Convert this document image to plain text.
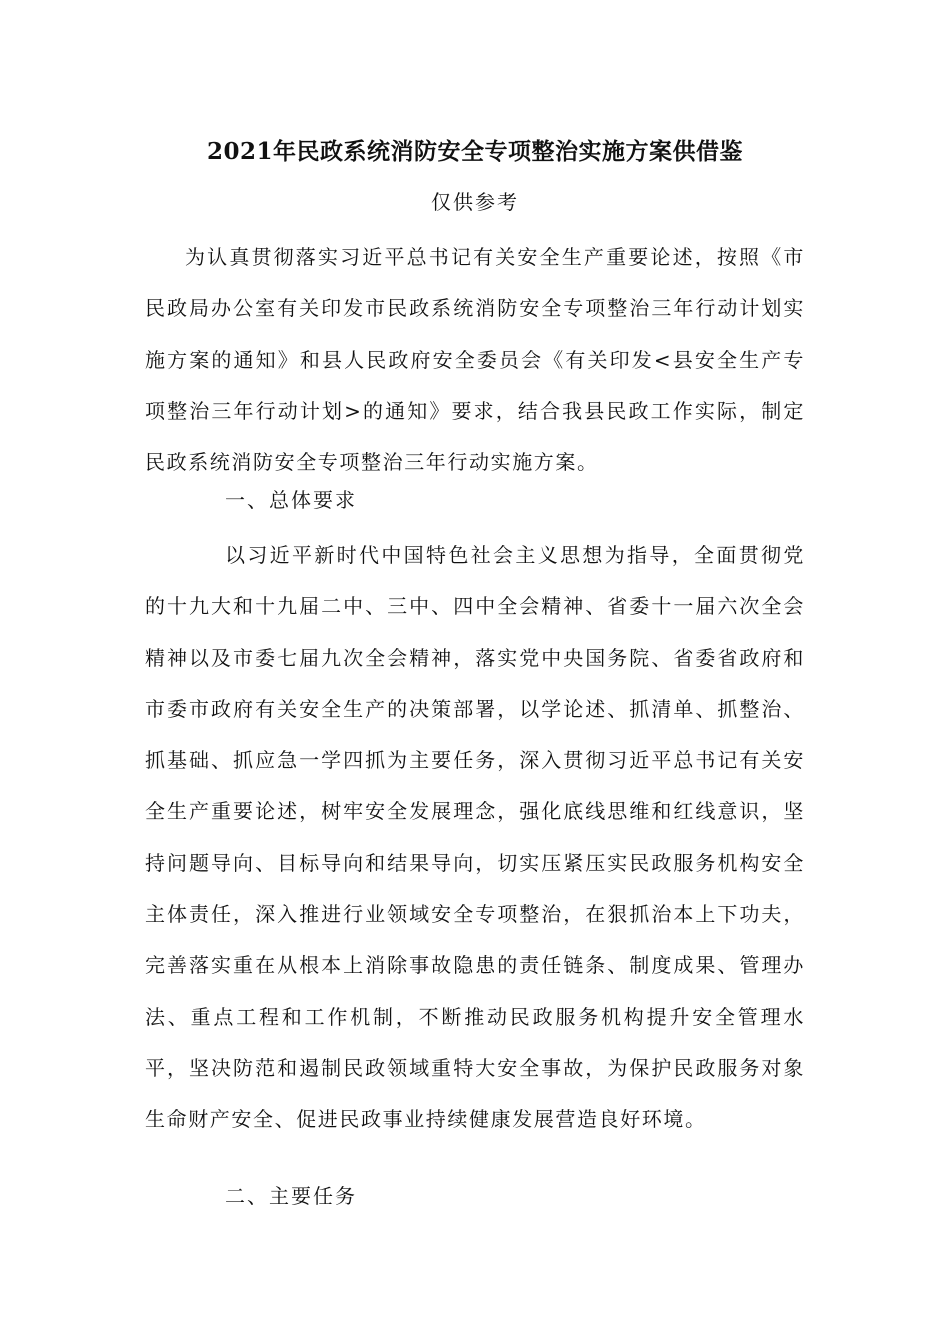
2021年民政系统消防安全专项整治实施方案供借鉴
仅供参考

为认真贯彻落实习近平总书记有关安全生产重要论述，按照《市民政局办公室有关印发市民政系统消防安全专项整治三年行动计划实施方案的通知》和县人民政府安全委员会《有关印发<县安全生产专项整治三年行动计划>的通知》要求，结合我县民政工作实际，制定民政系统消防安全专项整治三年行动实施方案。

一、总体要求

以习近平新时代中国特色社会主义思想为指导，全面贯彻党的十九大和十九届二中、三中、四中全会精神、省委十一届六次全会精神以及市委七届九次全会精神，落实党中央国务院、省委省政府和市委市政府有关安全生产的决策部署，以学论述、抓清单、抓整治、抓基础、抓应急一学四抓为主要任务，深入贯彻习近平总书记有关安全生产重要论述，树牢安全发展理念，强化底线思维和红线意识，坚持问题导向、目标导向和结果导向，切实压紧压实民政服务机构安全主体责任，深入推进行业领域安全专项整治，在狠抓治本上下功夫，完善落实重在从根本上消除事故隐患的责任链条、制度成果、管理办法、重点工程和工作机制，不断推动民政服务机构提升安全管理水平，坚决防范和遏制民政领域重特大安全事故，为保护民政服务对象生命财产安全、促进民政事业持续健康发展营造良好环境。

二、主要任务
